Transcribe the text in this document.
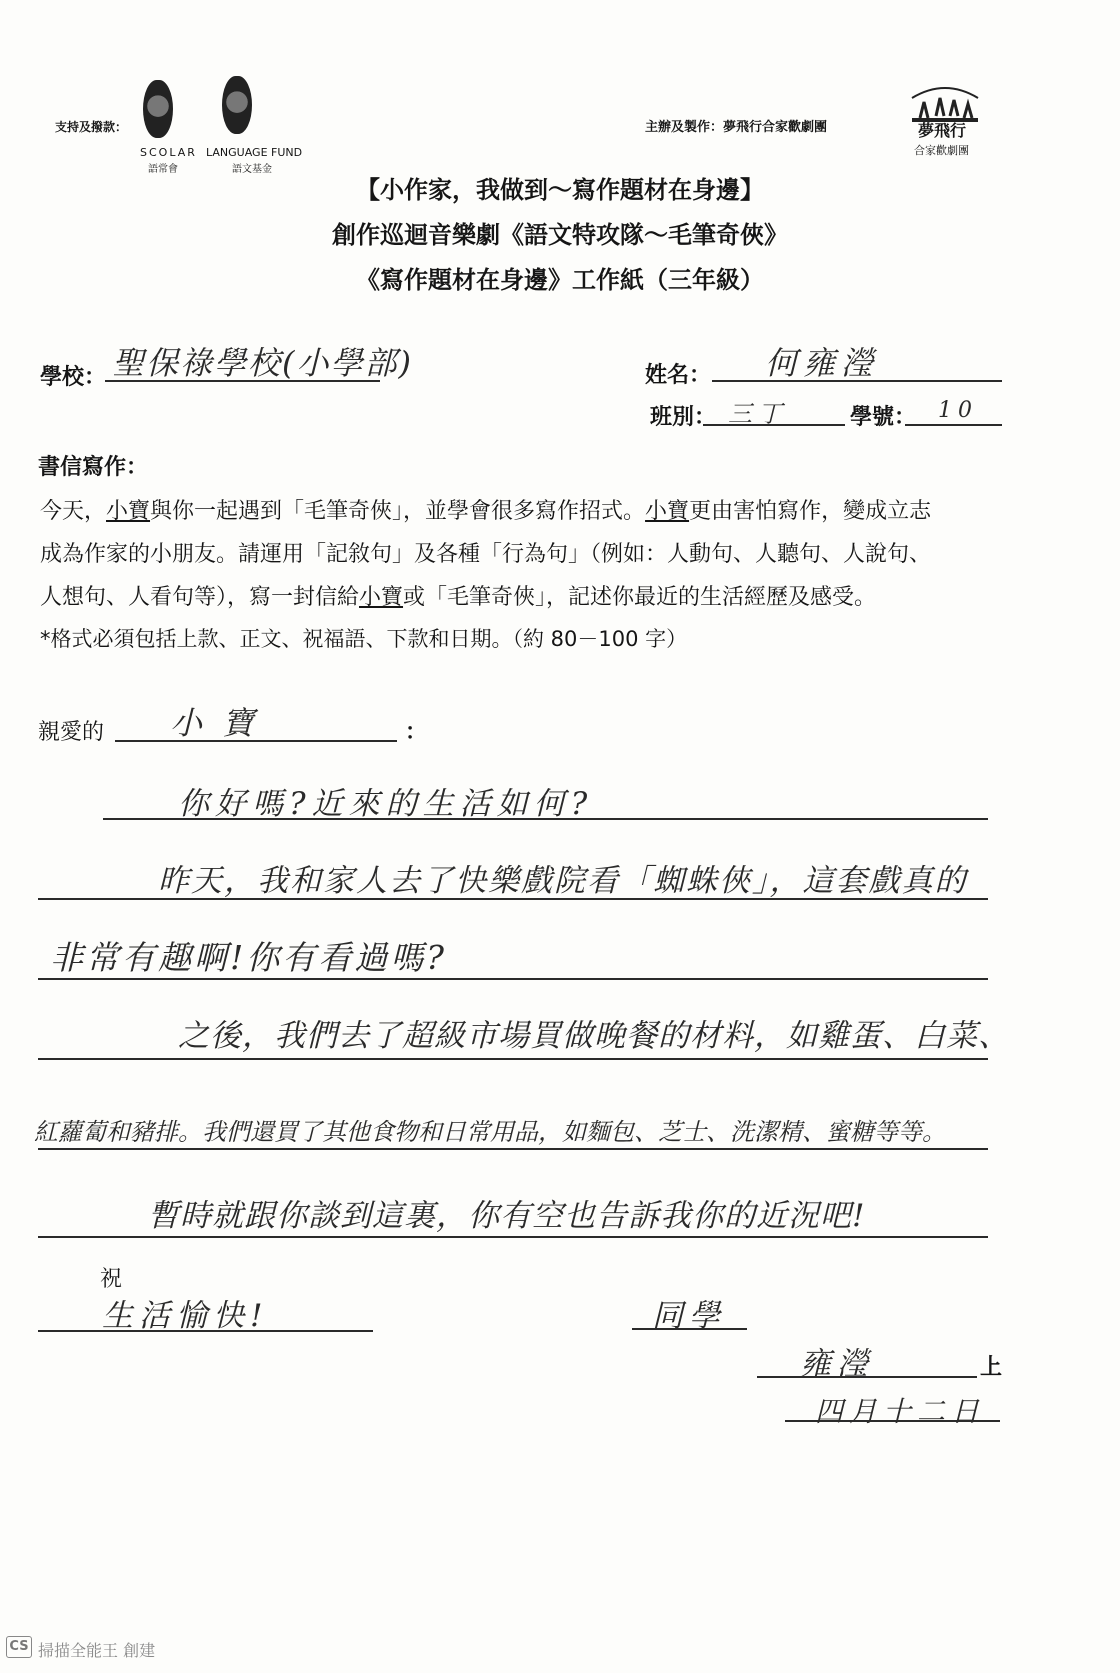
支持及撥款：
SCOLAR
語常會
LANGUAGE FUND
語文基金
主辦及製作：夢飛行合家歡劇團	夢飛行
合家歡劇團
【小作家，我做到～寫作題材在身邊】
創作巡迴音樂劇《語文特攻隊～毛筆奇俠》
《寫作題材在身邊》工作紙（三年級）
學校： 聖保祿學校(小學部)	姓名： 何雍瀅
班別： 三丁	學號： 10
書信寫作：
今天，小寶與你一起遇到「毛筆奇俠」，並學會很多寫作招式。小寶更由害怕寫作，變成立志
成為作家的小朋友。請運用「記敘句」及各種「行為句」（例如：人動句、人聽句、人說句、
人想句、人看句等），寫一封信給小寶或「毛筆奇俠」，記述你最近的生活經歷及感受。
*格式必須包括上款、正文、祝福語、下款和日期。（約 80－100 字）
親愛的 小寶	：
你好嗎?近來的生活如何?
昨天，我和家人去了快樂戲院看「蜘蛛俠」，這套戲真的
非常有趣啊!你有看過嗎?
之後，我們去了超級市場買做晚餐的材料，如雞蛋、白菜、
紅蘿蔔和豬排。我們還買了其他食物和日常用品，如麵包、芝士、洗潔精、蜜糖等等。
暫時就跟你談到這裏，你有空也告訴我你的近況吧!
祝
生活愉快!	同學
雍瀅	上
四月十二日
CS 掃描全能王 創建
